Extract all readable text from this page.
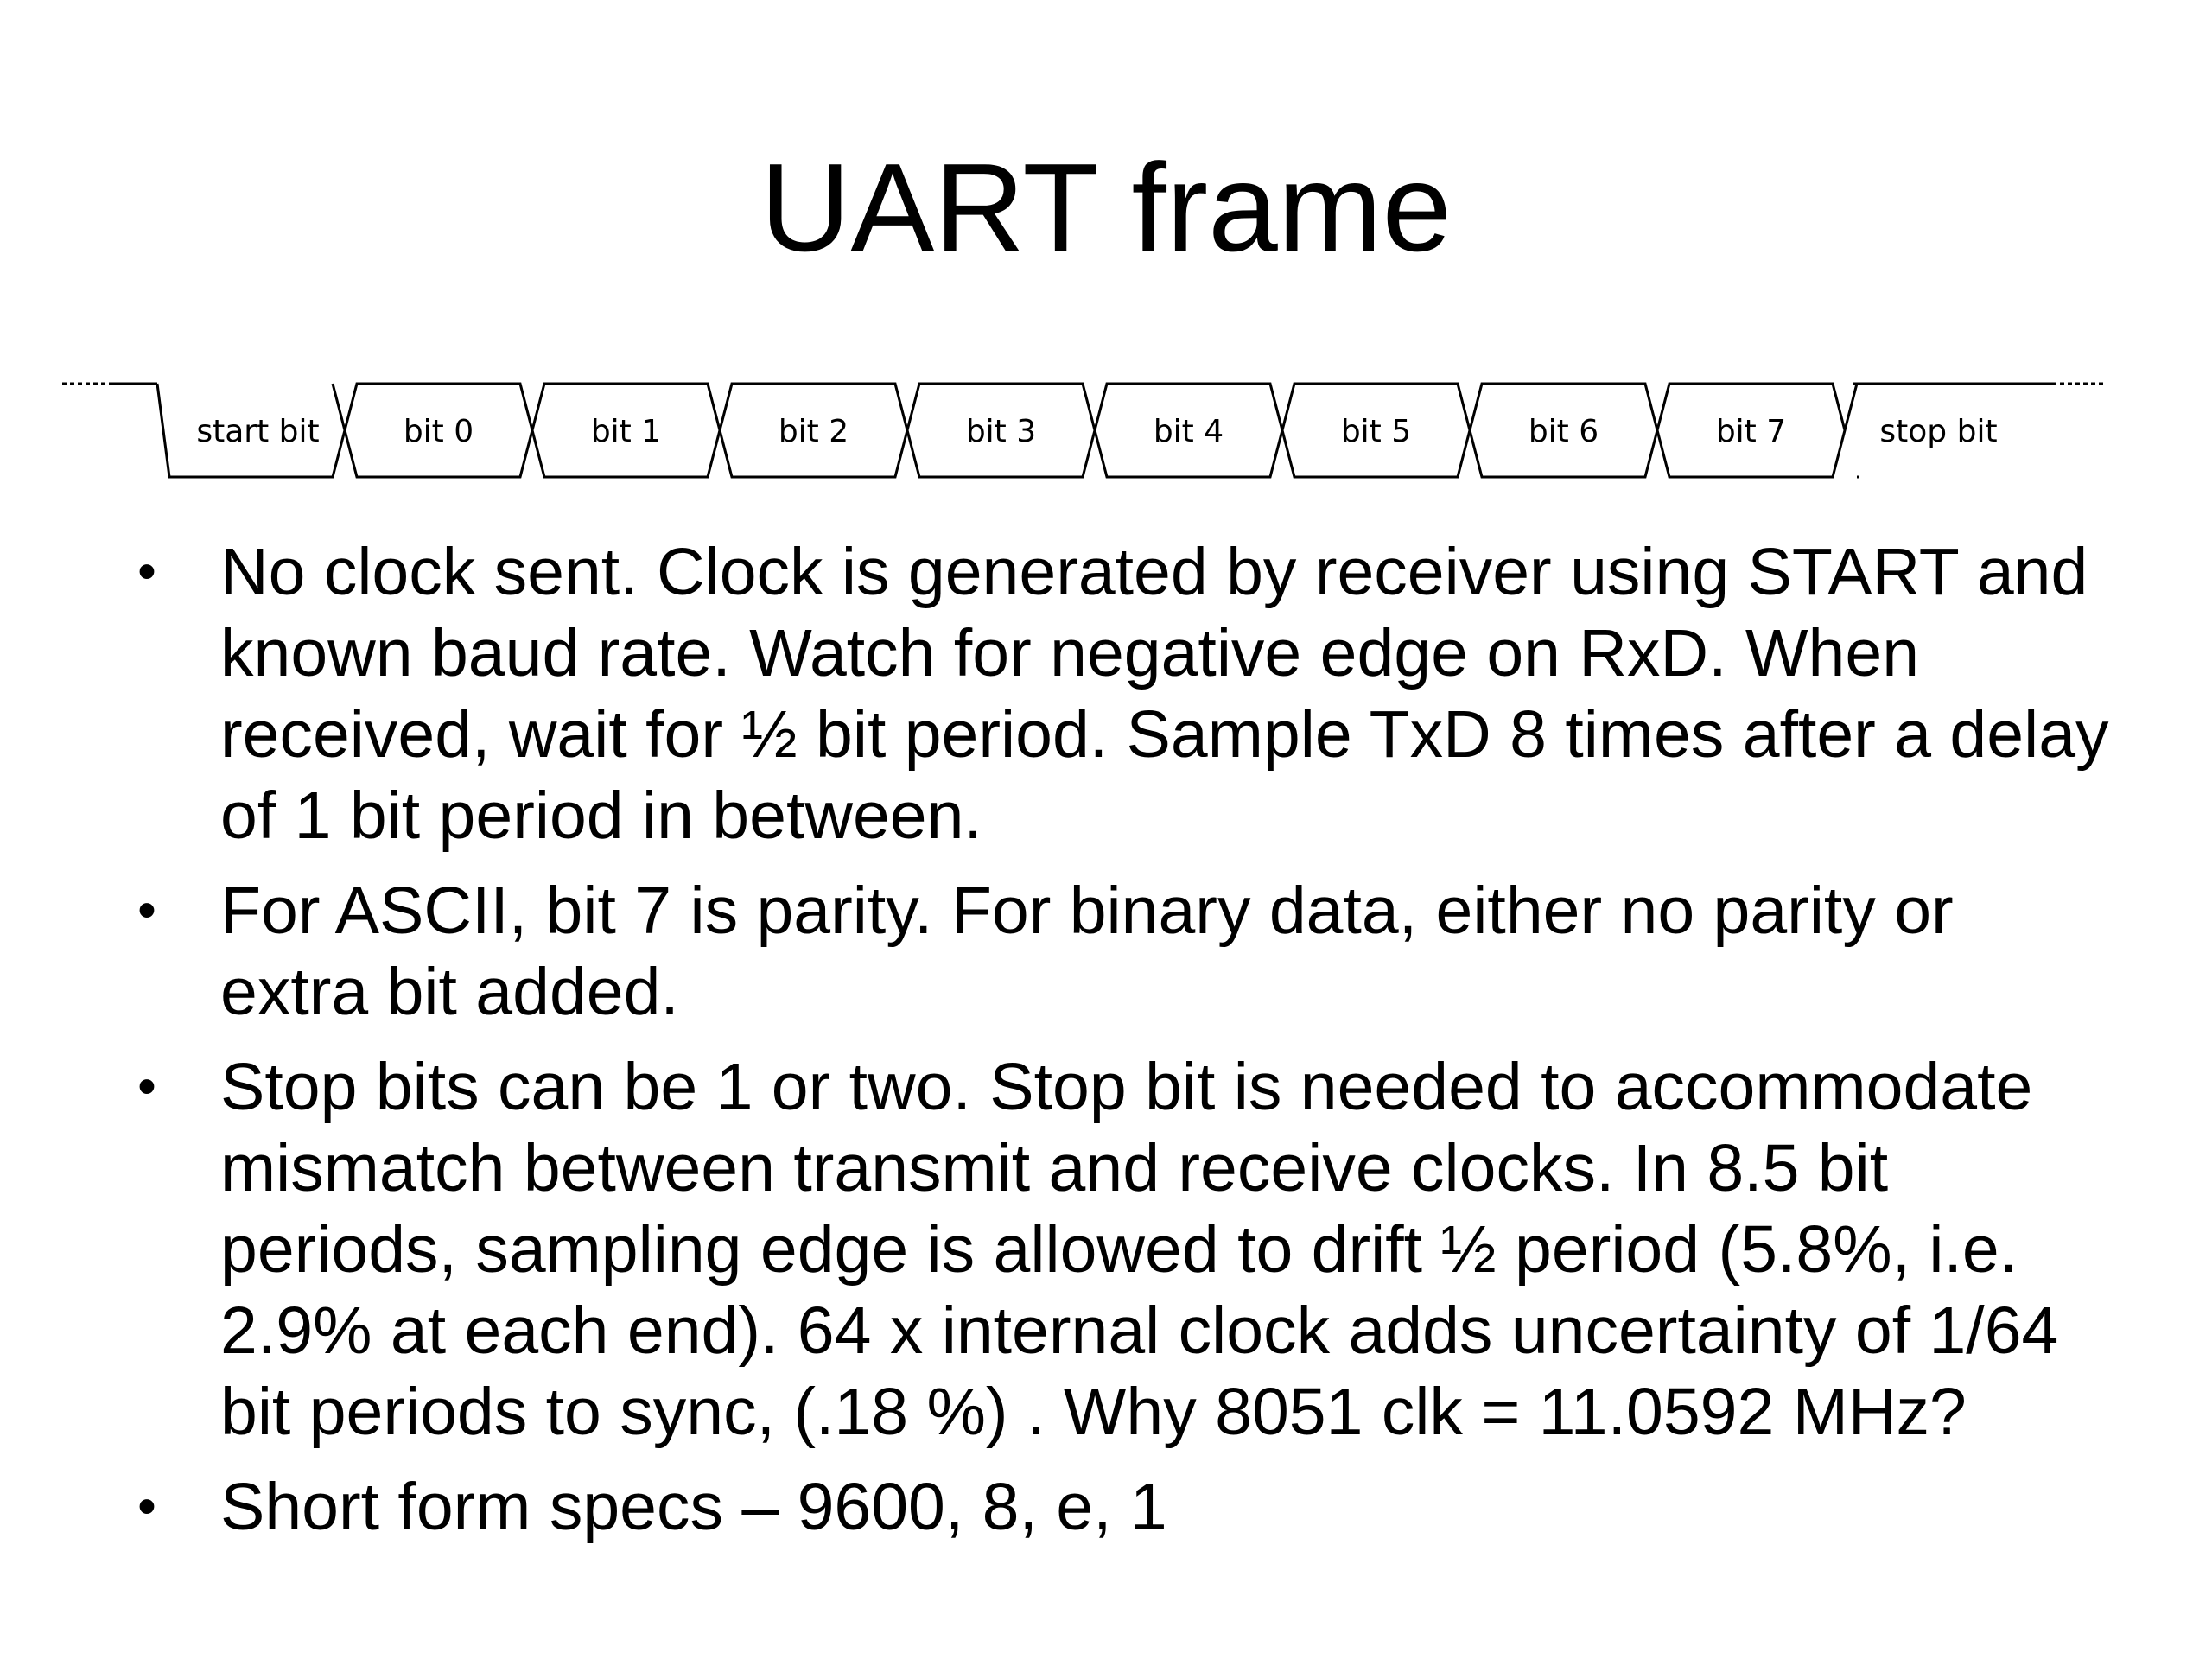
UART frame
start bit	bit 0	bit 1	bit 2	bit 3	bit 4	bit 5	bit 6	bit 7	stop bit
• No clock sent. Clock is generated by receiver using START and known baud rate. Watch for negative edge on RxD. When received, wait for ½ bit period. Sample TxD 8 times after a delay of 1 bit period in between.
• For ASCII, bit 7 is parity. For binary data, either no parity or extra bit added.
• Stop bits can be 1 or two. Stop bit is needed to accommodate mismatch between transmit and receive clocks. In 8.5 bit periods, sampling edge is allowed to drift ½ period (5.8%, i.e. 2.9% at each end). 64 x internal clock adds uncertainty of 1/64 bit periods to sync, (.18 %) . Why 8051 clk = 11.0592 MHz?
• Short form specs – 9600, 8, e, 1
